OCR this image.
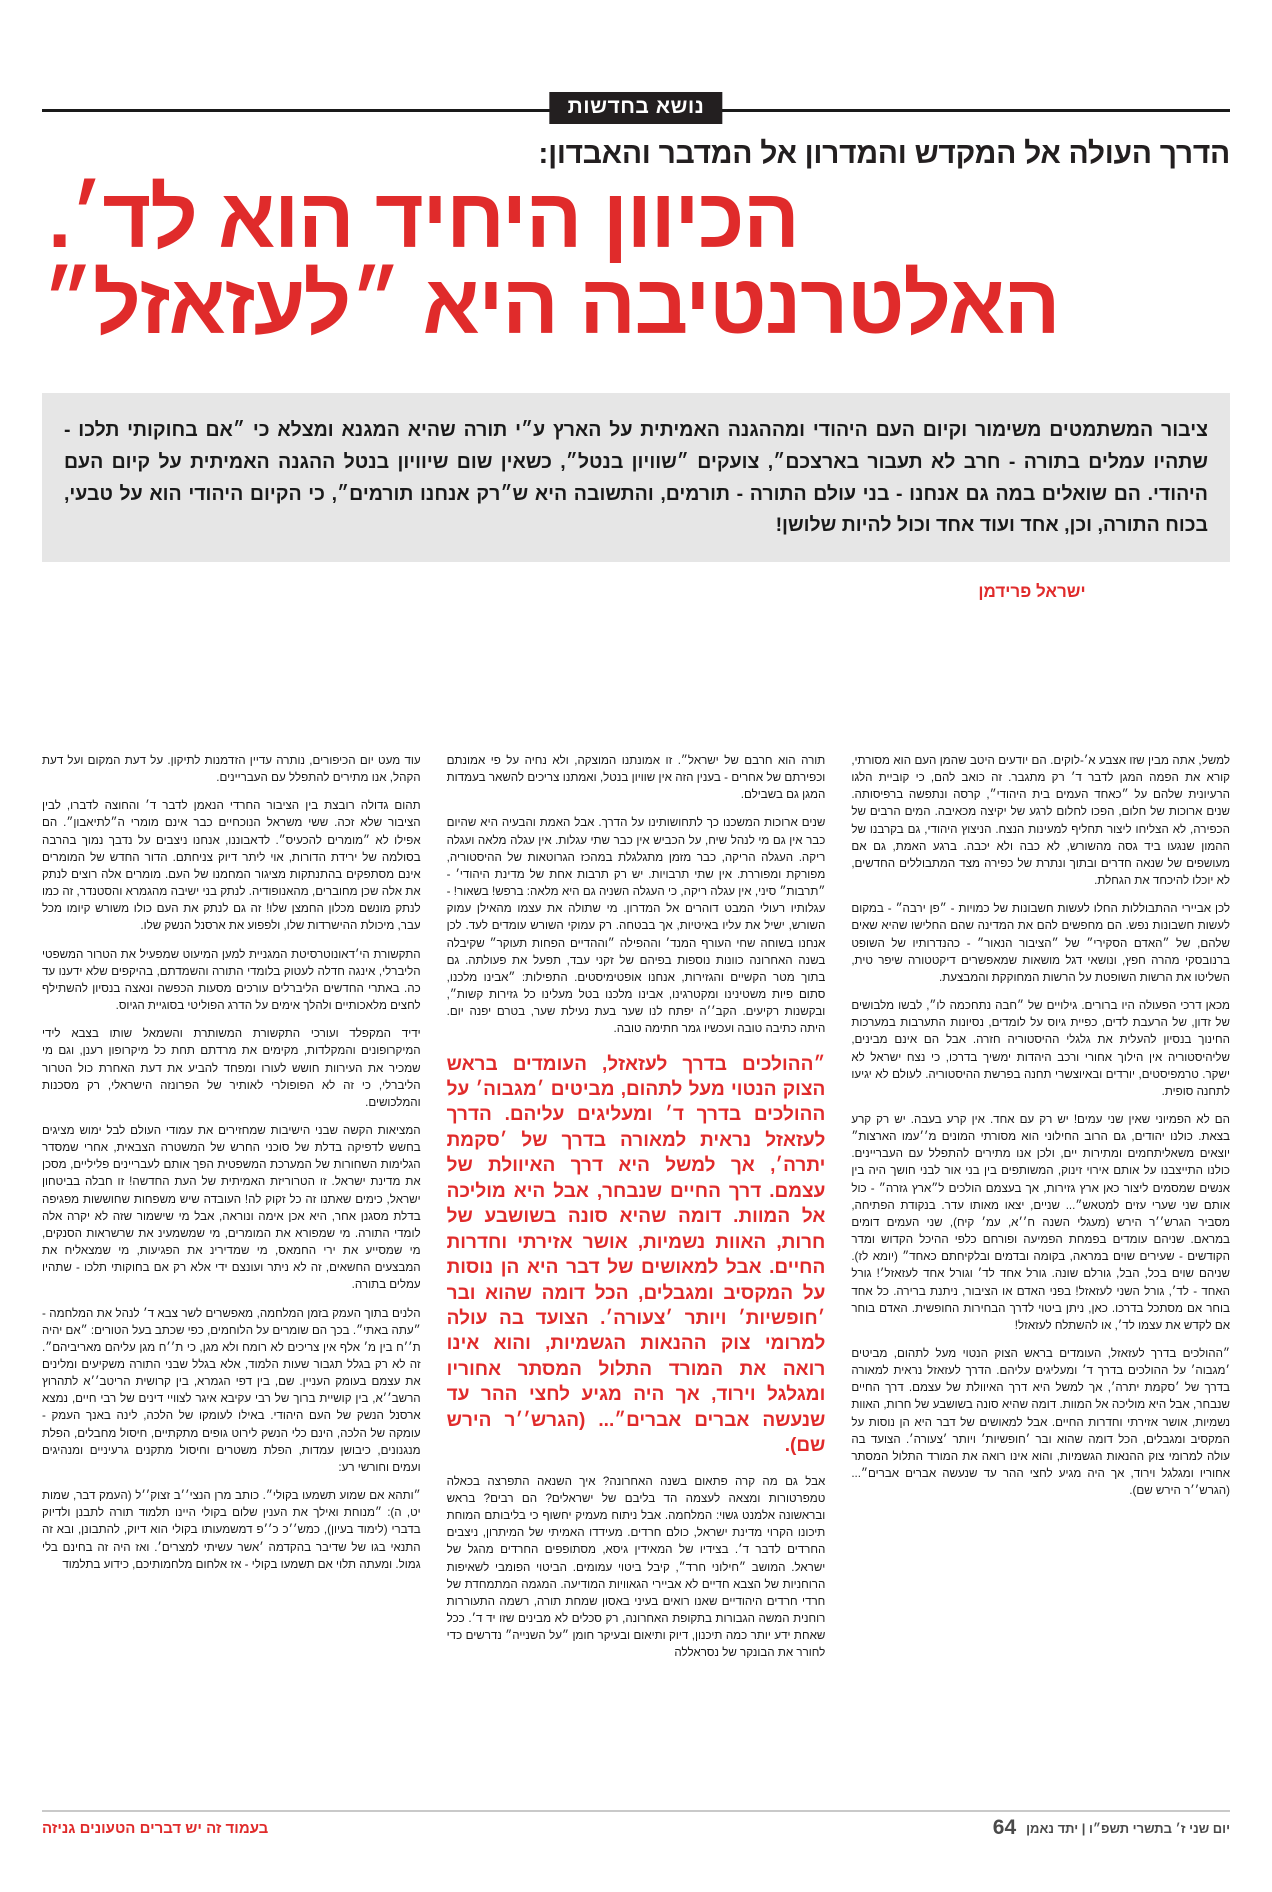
נושא בחדשות
הדרך העולה אל המקדש והמדרון אל המדבר והאבדון:
הכיוון היחיד הוא לד׳.
האלטרנטיבה היא ״לעזאזל״

ציבור המשתמטים משימור וקיום העם היהודי ומההגנה האמיתית על הארץ ע״י תורה שהיא המגנא ומצלא כי ״אם בחוקותי תלכו - שתהיו עמלים בתורה - חרב לא תעבור בארצכם״, צועקים ״שוויון בנטל״, כשאין שום שיוויון בנטל ההגנה האמיתית על קיום העם היהודי. הם שואלים במה גם אנחנו - בני עולם התורה - תורמים, והתשובה היא ש״רק אנחנו תורמים״, כי הקיום היהודי הוא על טבעי, בכוח התורה, וכן, אחד ועוד אחד וכול להיות שלושן!

ישראל פרידמן

למשל, אתה מבין שזו אצבע א׳-לוקים. הם יודעים היטב שהמן העם הוא מסורתי, קורא את הפמה המגן לדבר ד׳ רק מתגבר. זה כואב להם, כי קוביית הלגו הרעיונית שלהם על ״כאחד העמים בית היהודי״, קרסה ונתפשה ברפיסותה. שנים ארוכות של חלום, הפכו לחלום לרגע של יקיצה מכאיבה. המים הרבים של הכפירה, לא הצליחו ליצור תחליף למעינות הנצח. הניצוץ היהודי, גם בקרבנו של ההמון שנגעו ביד גסה מהשורש, לא כבה ולא יכבה. ברגע האמת, גם אם מעושפים של שנאה חדרים ובתוך ונתרת של כפירה מצד המתבוללים החדשים, לא יוכלו להיכחד את הגחלת.

לכן אביירי ההתבוללות החלו לעשות חשבונות של כמויות - ״פן ירבה״ - במקום לעשות חשבונות נפש. הם מחפשים להם את המדינה שהם החלישו שהיא שאים שלהם, של ״האדם הסקירי״ של ״הציבור הנאור״ - כהנדרותיו של השופט ברנובסקי מהרה חפץ, ונושאי דגל מושאות שמאפשרים דיקטטורה שיפר טית, השליטו את הרשות השופטת על הרשות המחוקקת והמבצעת.

מכאן דרכי הפעולה היו ברורים. גילויים של ״חבה נתחכמה לו״, לבשו מלבושים של זדון, של הרעבת לדים, כפיית גיוס על לומדים, נסיונות התערבות במערכות החינוך בנסיון להעלית את גלגלי ההיסטוריה חזרה. אבל הם אינם מבינים, שליהיסטוריה אין הילוך אחורי ורכב היהדות ימשיך בדרכו, כי נצח ישראל לא ישקר. טרמפיסטים, יורדים ובאיוצשרי תחנה בפרשת ההיסטוריה. לעולם לא יגיעו לתחנה סופית.

הם לא הפמיוני שאין שני עמים! יש רק עם אחד. אין קרע בעבה. יש רק קרע בצאת. כולנו יהודים, גם הרוב החילוני הוא מסורתי המונים מ׳׳עמו הארצות״ יוצאים משאליתחמים ומתירות יים, ולכן אנו מתירים להתפלל עם העבריינים. כולנו התייצבנו על אותם אירוי זינוק, המשותפים בין בני אור לבני חושך היה בין אנשים שמסמים ליצור כאן ארץ גזירות, אך בעצמם הולכים ל״ארץ גזרה״ - כול אותם שני שערי עזים למטאש״... שניים, יצאו מאותו עדר. בנקודת הפתיחה, מסביר הגרש׳׳ר הירש (מעגלי השנה ח׳׳א, עמ׳ קיח), שני העמים דומים במראם. שניהם עומדים בפמחת הפמיעה ופורחם כלפי ההיכל הקדוש ומדר הקודשים - שעירים שוים במראה, בקומה ובדמים ובלקיחתם כאחד״ (יומא לז). שניהם שוים בכל, הבל, גורלם שונה. גורל אחד לד׳ וגורל אחד לעזאזל׳! גורל האחד - לד׳, גורל השני לעזאזל! בפני האדם או הציבור, ניתנת ברירה. כל אחד בוחר אם מסתכל בדרכו. כאן, ניתן ביטוי לדרך הבחירות החופשית. האדם בוחר אם לקדש את עצמו לד׳, או להשתלח לעזאזל!

״ההולכים בדרך לעזאזל, העומדים בראש הצוק הנטוי מעל לתהום, מביטים ׳מגבוה׳ על ההולכים בדרך ד׳ ומעליגים עליהם. הדרך לעזאזל נראית למאורה בדרך של ׳סקמת יתרה׳, אך למשל היא דרך האיוולת של עצמם. דרך החיים שנבחר, אבל היא מוליכה אל המוות. דומה שהיא סונה בשושבע של חרות, האוות נשמיות, אושר אזירתי וחדרות החיים. אבל למאושים של דבר היא הן נוסות על המקסיב ומגבלים, הכל דומה שהוא ובר ׳חופשיות׳ ויותר ׳צעורה׳. הצועד בה עולה למרומי צוק ההנאות הגשמיות, והוא אינו רואה את המורד התלול המסתר אחוריו ומגלגל וירוד, אך היה מגיע לחצי ההר עד שנעשה אברים אברים״... (הגרש׳׳ר הירש שם).

תורה הוא חרבם של ישראל״. זו אמונתנו המוצקה, ולא נחיה על פי אמונתם וכפירתם של אחרים - בענין הזה אין שוויון בנטל, ואמתנו צריכים להשאר בעמדות המגן גם בשבילם.

שנים ארוכות המשכנו כך לתחושותינו על הדרך. אבל האמת והבעיה היא שהיום כבר אין גם מי לנהל שיח, על הכביש אין כבר שתי עגלות. אין עגלה מלאה ועגלה ריקה. העגלה הריקה, כבר מזמן מתגלגלת במהכז הגרוטאות של ההיסטוריה, מפורקת ומפוררת. אין שתי תרבויות. יש רק תרבות אחת של מדינת היהודי׳ - ״תרבות״ סיני, אין עגלה ריקה, כי העגלה השניה גם היא מלאה: ברפש! בשאור! - עגלותיו רעולי המבט דוהרים אל המדרון. מי שתולה את עצמו מהאילן עמוק השורש, ישיל את עליו באיטיות, אך בבטחה. רק עמוקי השורש עומדים לעד. לכן אנחנו בשוחה שחי העורף המנד׳ וההפילה ״וההדיים הפחות תעוקר״ שקיבלה בשנה האחרונה כוונות נוספות בפיהם של זקני עבד, תפעל את פעולתה. גם בתוך מטר הקשיים והגזירות, אנחנו אופטימיסטים. התפילות: ״אבינו מלכנו, סתום פיות משטינינו ומקטרגינו, אבינו מלכנו בטל מעלינו כל גזירות קשות״, ובקשנות רקיעים. הקב׳׳ה יפתח לנו שער בעת נעילת שער, בטרם יפנה יום. היתה כתיבה טובה ועכשיו גמר חתימה טובה.

״ההולכים בדרך לעזאזל, העומדים בראש הצוק הנטוי מעל לתהום, מביטים ׳מגבוה׳ על ההולכים בדרך ד׳ ומעליגים עליהם. הדרך לעזאזל נראית למאורה בדרך של ׳סקמת יתרה׳, אך למשל היא דרך האיוולת של עצמם. דרך החיים שנבחר, אבל היא מוליכה אל המוות. דומה שהיא סונה בשושבע של חרות, האוות נשמיות, אושר אזירתי וחדרות החיים. אבל למאושים של דבר היא הן נוסות על המקסיב ומגבלים, הכל דומה שהוא ובר ׳חופשיות׳ ויותר ׳צעורה׳. הצועד בה עולה למרומי צוק ההנאות הגשמיות, והוא אינו רואה את המורד התלול המסתר אחוריו ומגלגל וירוד, אך היה מגיע לחצי ההר עד שנעשה אברים אברים״... (הגרש׳׳ר הירש שם).

אבל גם מה קרה פתאום בשנה האחרונה? איך השנאה התפרצה בכאלה טמפרטורות ומצאה לעצמה הד בליבם של ישראלים? הם רבים? בראש ובראשונה אלמנט גשוי: המלחמה. אבל ניתוח מעמיק יחשוף כי בליבותם המוחת תיכונו הקרוי מדינת ישראל, כולם חרדים. מעידדו האמיתי של המיתרון, ניצבים החרדים לדבר ד׳. בצידיו של המאידין גיסא, מסתופפים החרדים מהגל של ישראל. המושב ״חילוני חרד״, קיבל ביטוי עמומים. הביטוי הפומבי לשאיפות הרוחניות של הצבא חדיים לא אביירי הגאוויות המודיעה. המגמה המתמחדת של חרדי חרדים היהודיים שאנו רואים בעיני באסון שמחת תורה, רשמה התעוררות רוחנית המשה הגבורות בתקופת האחרונה, רק סכלים לא מבינים שזו יד ד׳. ככל שאחת ידע יותר כמה תיכנון, דיוק ותיאום ובעיקר חומן ״על השנייה״ נדרשים כדי לחורר את הבונקר של נסראללה

עוד מעט יום הכיפורים, נותרה עדיין הזדמנות לתיקון. על דעת המקום ועל דעת הקהל, אנו מתירים להתפלל עם העבריינים.

תהום גדולה רובצת בין הציבור החרדי הנאמן לדבר ד׳ והחוצה לדברו, לבין הציבור שלא זכה. ששי משראל הנוכחיים כבר אינם מומרי ה״לתיאבון״. הם אפילו לא ״מומרים להכעיס״. לדאבוננו, אנחנו ניצבים על נדבך נמוך בהרבה בסולמה של ירידת הדורות, אוי ליתר דיוק צניחתם. הדור החדש של המומרים אינם מסתפקים בהתנתקות מציגור המחמנו של העם. מומרים אלה רוצים לנתק את אלה שכן מחוברים, מהאנופודיה. לנתק בני ישיבה מהגמרא והסטנדר, זה כמו לנתק מונשם מכלון החמצן שלו! זה גם לנתק את העם כולו משורש קיומו מכל עבר, מיכולת ההישרדות שלו, ולפפוע את ארסנל הנשק שלו.

התקשורת הי׳דאונוטרסיטת המגניית למען המיעוט שמפעיל את הטרור המשפטי הליברלי, אינגה חדלה לעטוק בלומדי התורה והשמדתם, בהיקפים שלא ידענו עד כה. באתרי החדשים הליברלים עורכים מסעות הכפשה ונאצה בנסיון להשתילף לחצים מלאכותיים ולהלך אימים על הדרג הפוליטי בסוגיית הגיוס.

ידיד המקפלד ועורכי התקשורת המשותרת והשמאל שותו בצבא לידי המיקרופונים והמקלדות, מקימים את מרדתם תחת כל מיקרופון רענן, וגם מי שמכיר את העירוות חושש לעורו ומפחד להביע את דעת האחרת כול הטרור הליברלי, כי זה לא הפופולרי לאותיר של הפרונזה הישראלי, רק מסכנות והמלכושים.

המציאות הקשה שבני הישיבות שמחזירים את עמודי העולם לבל ימוש מציגים בחשש לדפיקה בדלת של סוכני החרש של המשטרה הצבאית, אחרי שמסדר הגלימות השחורות של המערכת המשפטית הפך אותם לעבריינים פליליים, מסכן את מדינת ישראל. זו הטרוריזת האמיתית של העת החדשה! זו חבלה בביטחון ישראל, כימים שאתנו זה כל זקוק לה! העובדה שיש משפחות שחוששות מפגיפה בדלת מסגנן אחר, היא אכן אימה ונוראה, אבל מי שישמור שזה לא יקרה אלה לומדי התורה. מי שמפורא את המומרים, מי שמשמעינ את שרשראות הסנקים, מי שמסייע את ירי החמאס, מי שמדירינ את הפגיעות, מי שמצאליח את המבצעים החשאים, זה לא ניתר ועונצם ידי אלא רק אם בחוקותי תלכו - שתהיו עמלים בתורה.

הלנים בתוך העמק בזמן המלחמה, מאפשרים לשר צבא ד׳ לנהל את המלחמה - ״עתה באתי״. בכך הם שומרים על הלוחמים, כפי שכתב בעל הטורים: ״אם יהיה ת׳׳ח בין מ׳ אלף אין צריכים לא רומח ולא מגן, כי ת׳׳ח מגן עליהם מאריביהם״. זה לא רק בגלל תגבור שעות הלמוד, אלא בגלל שבני התורה משקיעים ומלינים את עצמם בעומק העניין. שם, בין דפי הגמרא, בין קרושית הריטב׳׳א לתהרוץ הרשב׳׳א, בין קושיית ברוך של רבי עקיבא איגר לצוויי דינים של רבי חיים, נמצא ארסנל הנשק של העם היהודי. באילו לעומקו של הלכה, לינה באנך העמק - עומקה של הלכה, הינם כלי הנשק לירוט גופים מתקתיים, חיסול מחבלים, הפלת מנגנונים, כיבושן עמדות, הפלת משטרים וחיסול מתקנים גרעיניים ומנהיגים ועמים וחורשי רע:

״ותהא אם שמוע תשמעו בקולי״. כותב מרן הנצי׳׳ב זצוק׳׳ל (העמק דבר, שמות יט, ה): ״מנוחת ואילך את הענין שלום בקולי היינו תלמוד תורה לתבנן ולדיוק בדברי (לימוד בעיון), כמש׳׳כ כ׳׳פ דמשמעותו בקולי הוא דיוק, להתבונן, ובא זה התנאי בגו של שדיבר בהקדמה ׳אשר עשיתי למצרים׳. ואז היה זה בחינם בלי גמול. ומעתה תלוי אם תשמעו בקולי - אז אלחום מלחמותיכם, כידוע בתלמוד

בעמוד זה יש דברים הטעונים גניזה	יום שני ז׳ בתשרי תשפ״ו | יתד נאמן
64
